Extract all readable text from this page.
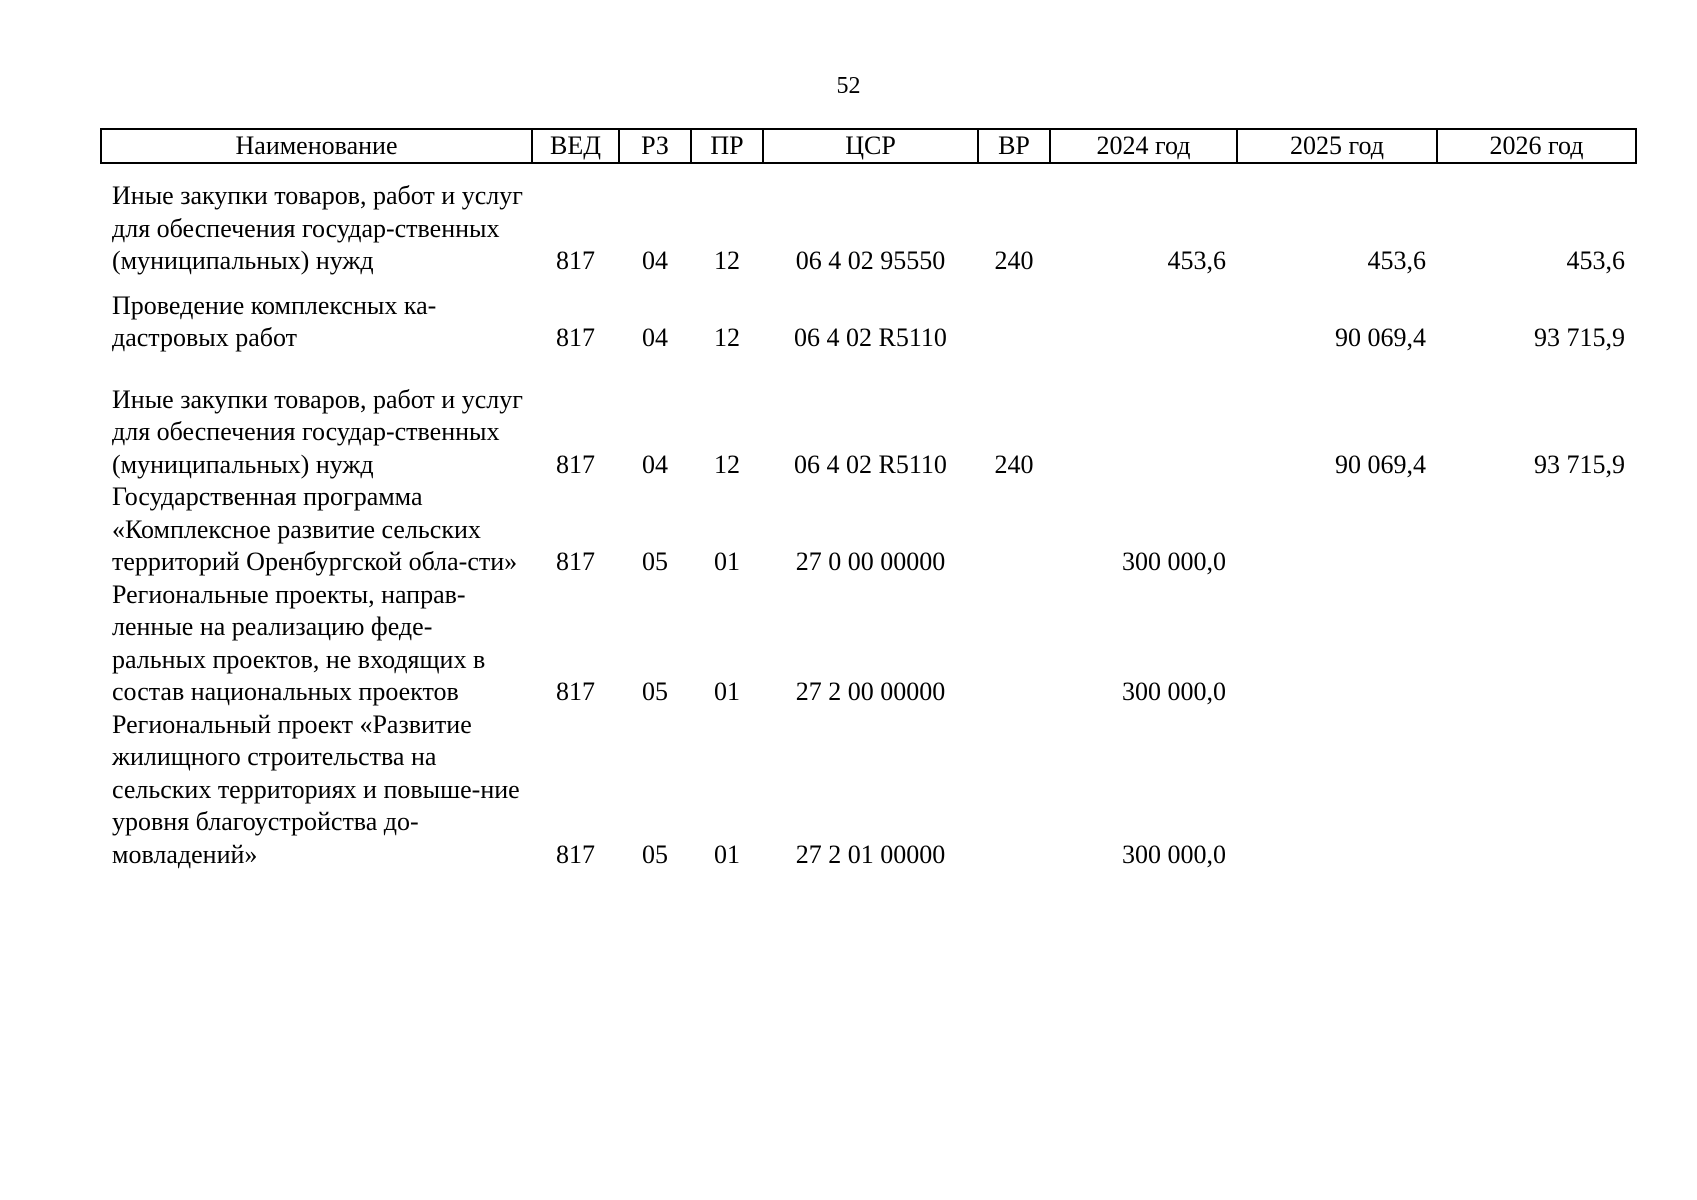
52
Наименование	ВЕД	РЗ	ПР	ЦСР	ВР	2024 год	2025 год	2026 год

Иные закупки товаров, работ и услуг для обеспечения государ-ственных (муниципальных) нужд	817	04	12	06 4 02 95550	240	453,6	453,6	453,6
Проведение комплексных ка-дастровых работ	817	04	12	06 4 02 R5110			90 069,4	93 715,9
Иные закупки товаров, работ и услуг для обеспечения государ-ственных (муниципальных) нужд	817	04	12	06 4 02 R5110	240		90 069,4	93 715,9
Государственная программа «Комплексное развитие сельских территорий Оренбургской обла-сти»	817	05	01	27 0 00 00000		300 000,0		
Региональные проекты, направ-ленные на реализацию феде-ральных проектов, не входящих в состав национальных проектов	817	05	01	27 2 00 00000		300 000,0		
Региональный проект «Развитие жилищного строительства на сельских территориях и повыше-ние уровня благоустройства до-мовладений»	817	05	01	27 2 01 00000		300 000,0		
